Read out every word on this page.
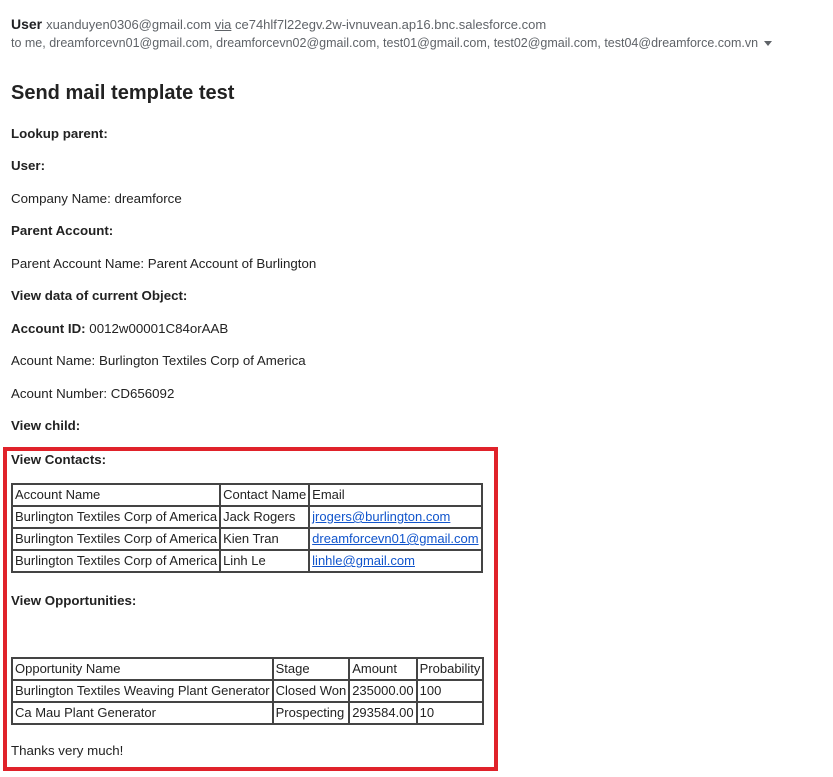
User xuanduyen0306@gmail.com via ce74hlf7l22egv.2w-ivnuvean.ap16.bnc.salesforce.com
to me, dreamforcevn01@gmail.com, dreamforcevn02@gmail.com, test01@gmail.com, test02@gmail.com, test04@dreamforce.com.vn
Send mail template test
Lookup parent:
User:
Company Name: dreamforce
Parent Account:
Parent Account Name: Parent Account of Burlington
View data of current Object:
Account ID: 0012w00001C84orAAB
Acount Name: Burlington Textiles Corp of America
Acount Number: CD656092
View child:
View Contacts:
View Opportunities:
Thanks very much!
Account Name	Contact Name	Email
Burlington Textiles Corp of America	Jack Rogers	jrogers@burlington.com
Burlington Textiles Corp of America	Kien Tran	dreamforcevn01@gmail.com
Burlington Textiles Corp of America	Linh Le	linhle@gmail.com
Opportunity Name	Stage	Amount	Probability
Burlington Textiles Weaving Plant Generator	Closed Won	235000.00	100
Ca Mau Plant Generator	Prospecting	293584.00	10
